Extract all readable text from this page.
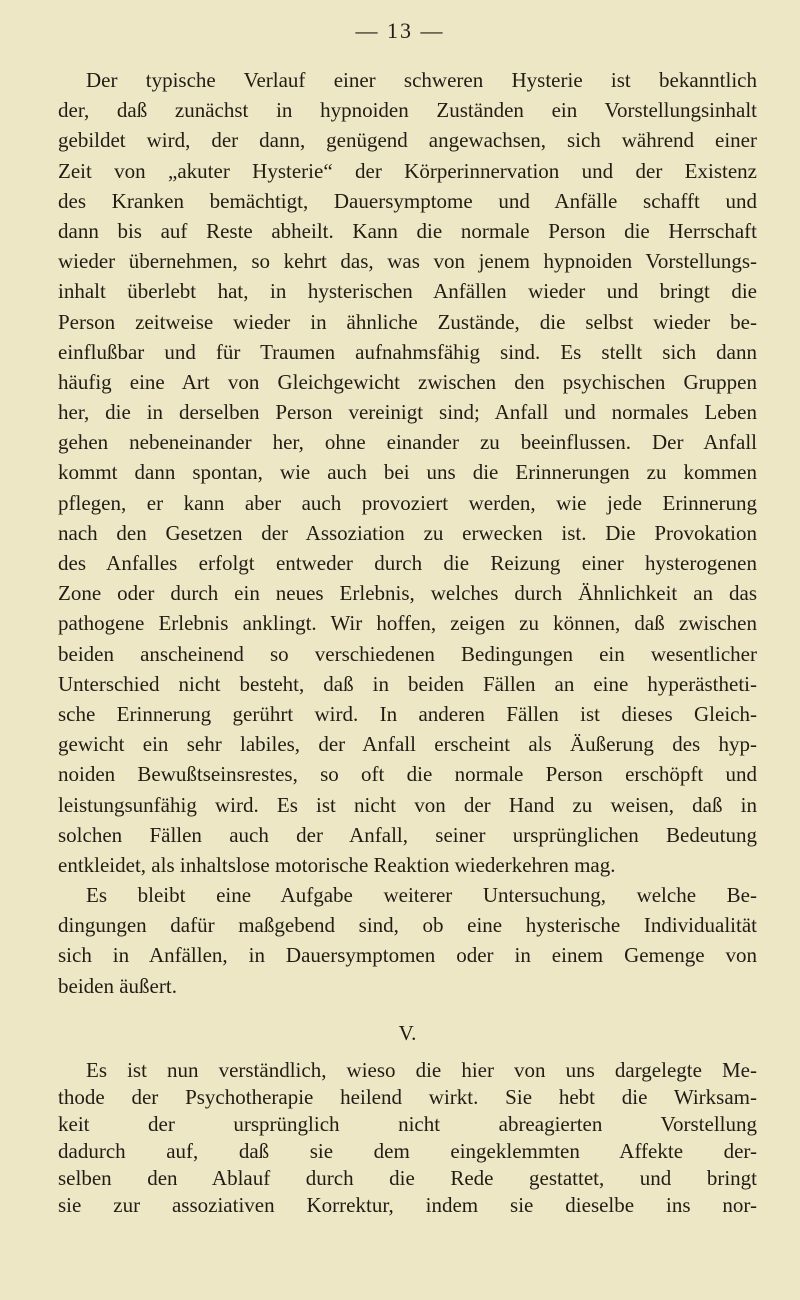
— 13 —
Der typische Verlauf einer schweren Hysterie ist bekanntlich
der, daß zunächst in hypnoiden Zuständen ein Vorstellungsinhalt
gebildet wird, der dann, genügend angewachsen, sich während einer
Zeit von „akuter Hysterie“ der Körperinnervation und der Existenz
des Kranken bemächtigt, Dauersymptome und Anfälle schafft und
dann bis auf Reste abheilt. Kann die normale Person die Herrschaft
wieder übernehmen, so kehrt das, was von jenem hypnoiden Vorstellungs-
inhalt überlebt hat, in hysterischen Anfällen wieder und bringt die
Person zeitweise wieder in ähnliche Zustände, die selbst wieder be-
einflußbar und für Traumen aufnahmsfähig sind. Es stellt sich dann
häufig eine Art von Gleichgewicht zwischen den psychischen Gruppen
her, die in derselben Person vereinigt sind; Anfall und normales Leben
gehen nebeneinander her, ohne einander zu beeinflussen. Der Anfall
kommt dann spontan, wie auch bei uns die Erinnerungen zu kommen
pflegen, er kann aber auch provoziert werden, wie jede Erinnerung
nach den Gesetzen der Assoziation zu erwecken ist. Die Provokation
des Anfalles erfolgt entweder durch die Reizung einer hysterogenen
Zone oder durch ein neues Erlebnis, welches durch Ähnlichkeit an das
pathogene Erlebnis anklingt. Wir hoffen, zeigen zu können, daß zwischen
beiden anscheinend so verschiedenen Bedingungen ein wesentlicher
Unterschied nicht besteht, daß in beiden Fällen an eine hyperästheti-
sche Erinnerung gerührt wird. In anderen Fällen ist dieses Gleich-
gewicht ein sehr labiles, der Anfall erscheint als Äußerung des hyp-
noiden Bewußtseinsrestes, so oft die normale Person erschöpft und
leistungsunfähig wird. Es ist nicht von der Hand zu weisen, daß in
solchen Fällen auch der Anfall, seiner ursprünglichen Bedeutung
entkleidet, als inhaltslose motorische Reaktion wiederkehren mag.
Es bleibt eine Aufgabe weiterer Untersuchung, welche Be-
dingungen dafür maßgebend sind, ob eine hysterische Individualität
sich in Anfällen, in Dauersymptomen oder in einem Gemenge von
beiden äußert.
V.
Es ist nun verständlich, wieso die hier von uns dargelegte Me-
thode der Psychotherapie heilend wirkt. Sie hebt die Wirksam-
keit der ursprünglich nicht abreagierten Vorstellung
dadurch auf, daß sie dem eingeklemmten Affekte der-
selben den Ablauf durch die Rede gestattet, und bringt
sie zur assoziativen Korrektur, indem sie dieselbe ins nor-
